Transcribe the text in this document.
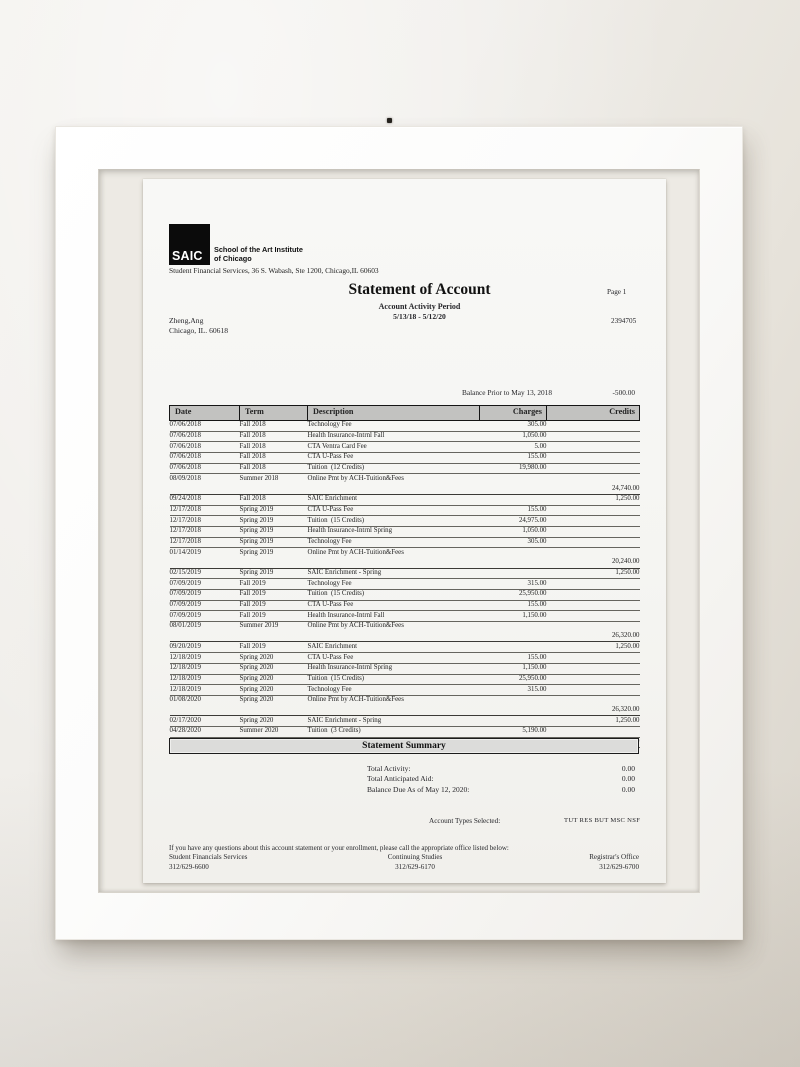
SAIC School of the Art Institute
of Chicago
Student Financial Services, 36 S. Wabash, Ste 1200, Chicago,IL 60603
Statement of Account
Account Activity Period
5/13/18 - 5/12/20
Page 1
2394705
Zheng,Ang
Chicago, IL. 60618
Balance Prior to May 13, 2018	-500.00
Date	Term	Description	Charges	Credits
07/06/2018	Fall 2018	Technology Fee	305.00	
07/06/2018	Fall 2018	Health Insurance-Intrnl Fall	1,050.00	
07/06/2018	Fall 2018	CTA Ventra Card Fee	5.00	
07/06/2018	Fall 2018	CTA U-Pass Fee	155.00	
07/06/2018	Fall 2018	Tuition  (12 Credits)	19,980.00	
08/09/2018	Summer 2018	Online Pmt by ACH-Tuition&Fees		
				24,740.00
09/24/2018	Fall 2018	SAIC Enrichment		1,250.00
12/17/2018	Spring 2019	CTA U-Pass Fee	155.00	
12/17/2018	Spring 2019	Tuition  (15 Credits)	24,975.00	
12/17/2018	Spring 2019	Health Insurance-Intrnl Spring	1,050.00	
12/17/2018	Spring 2019	Technology Fee	305.00	
01/14/2019	Spring 2019	Online Pmt by ACH-Tuition&Fees		
				20,240.00
02/15/2019	Spring 2019	SAIC Enrichment - Spring		1,250.00
07/09/2019	Fall 2019	Technology Fee	315.00	
07/09/2019	Fall 2019	Tuition  (15 Credits)	25,950.00	
07/09/2019	Fall 2019	CTA U-Pass Fee	155.00	
07/09/2019	Fall 2019	Health Insurance-Intrnl Fall	1,150.00	
08/01/2019	Summer 2019	Online Pmt by ACH-Tuition&Fees		
				26,320.00
09/20/2019	Fall 2019	SAIC Enrichment		1,250.00
12/18/2019	Spring 2020	CTA U-Pass Fee	155.00	
12/18/2019	Spring 2020	Health Insurance-Intrnl Spring	1,150.00	
12/18/2019	Spring 2020	Tuition  (15 Credits)	25,950.00	
12/18/2019	Spring 2020	Technology Fee	315.00	
01/08/2020	Spring 2020	Online Pmt by ACH-Tuition&Fees		
				26,320.00
02/17/2020	Spring 2020	SAIC Enrichment - Spring		1,250.00
04/28/2020	Summer 2020	Tuition  (3 Credits)	5,190.00	

Statement Summary
Total Activity:	0.00
Total Anticipated Aid:	0.00
Balance Due As of May 12, 2020:	0.00
Account Types Selected:	TUT RES BUT MSC NSF
If you have any questions about this account statement or your enrollment, please call the appropriate office listed below:
Student Financials Services
312/629-6600
Continuing Studies
312/629-6170
Registrar's Office
312/629-6700
